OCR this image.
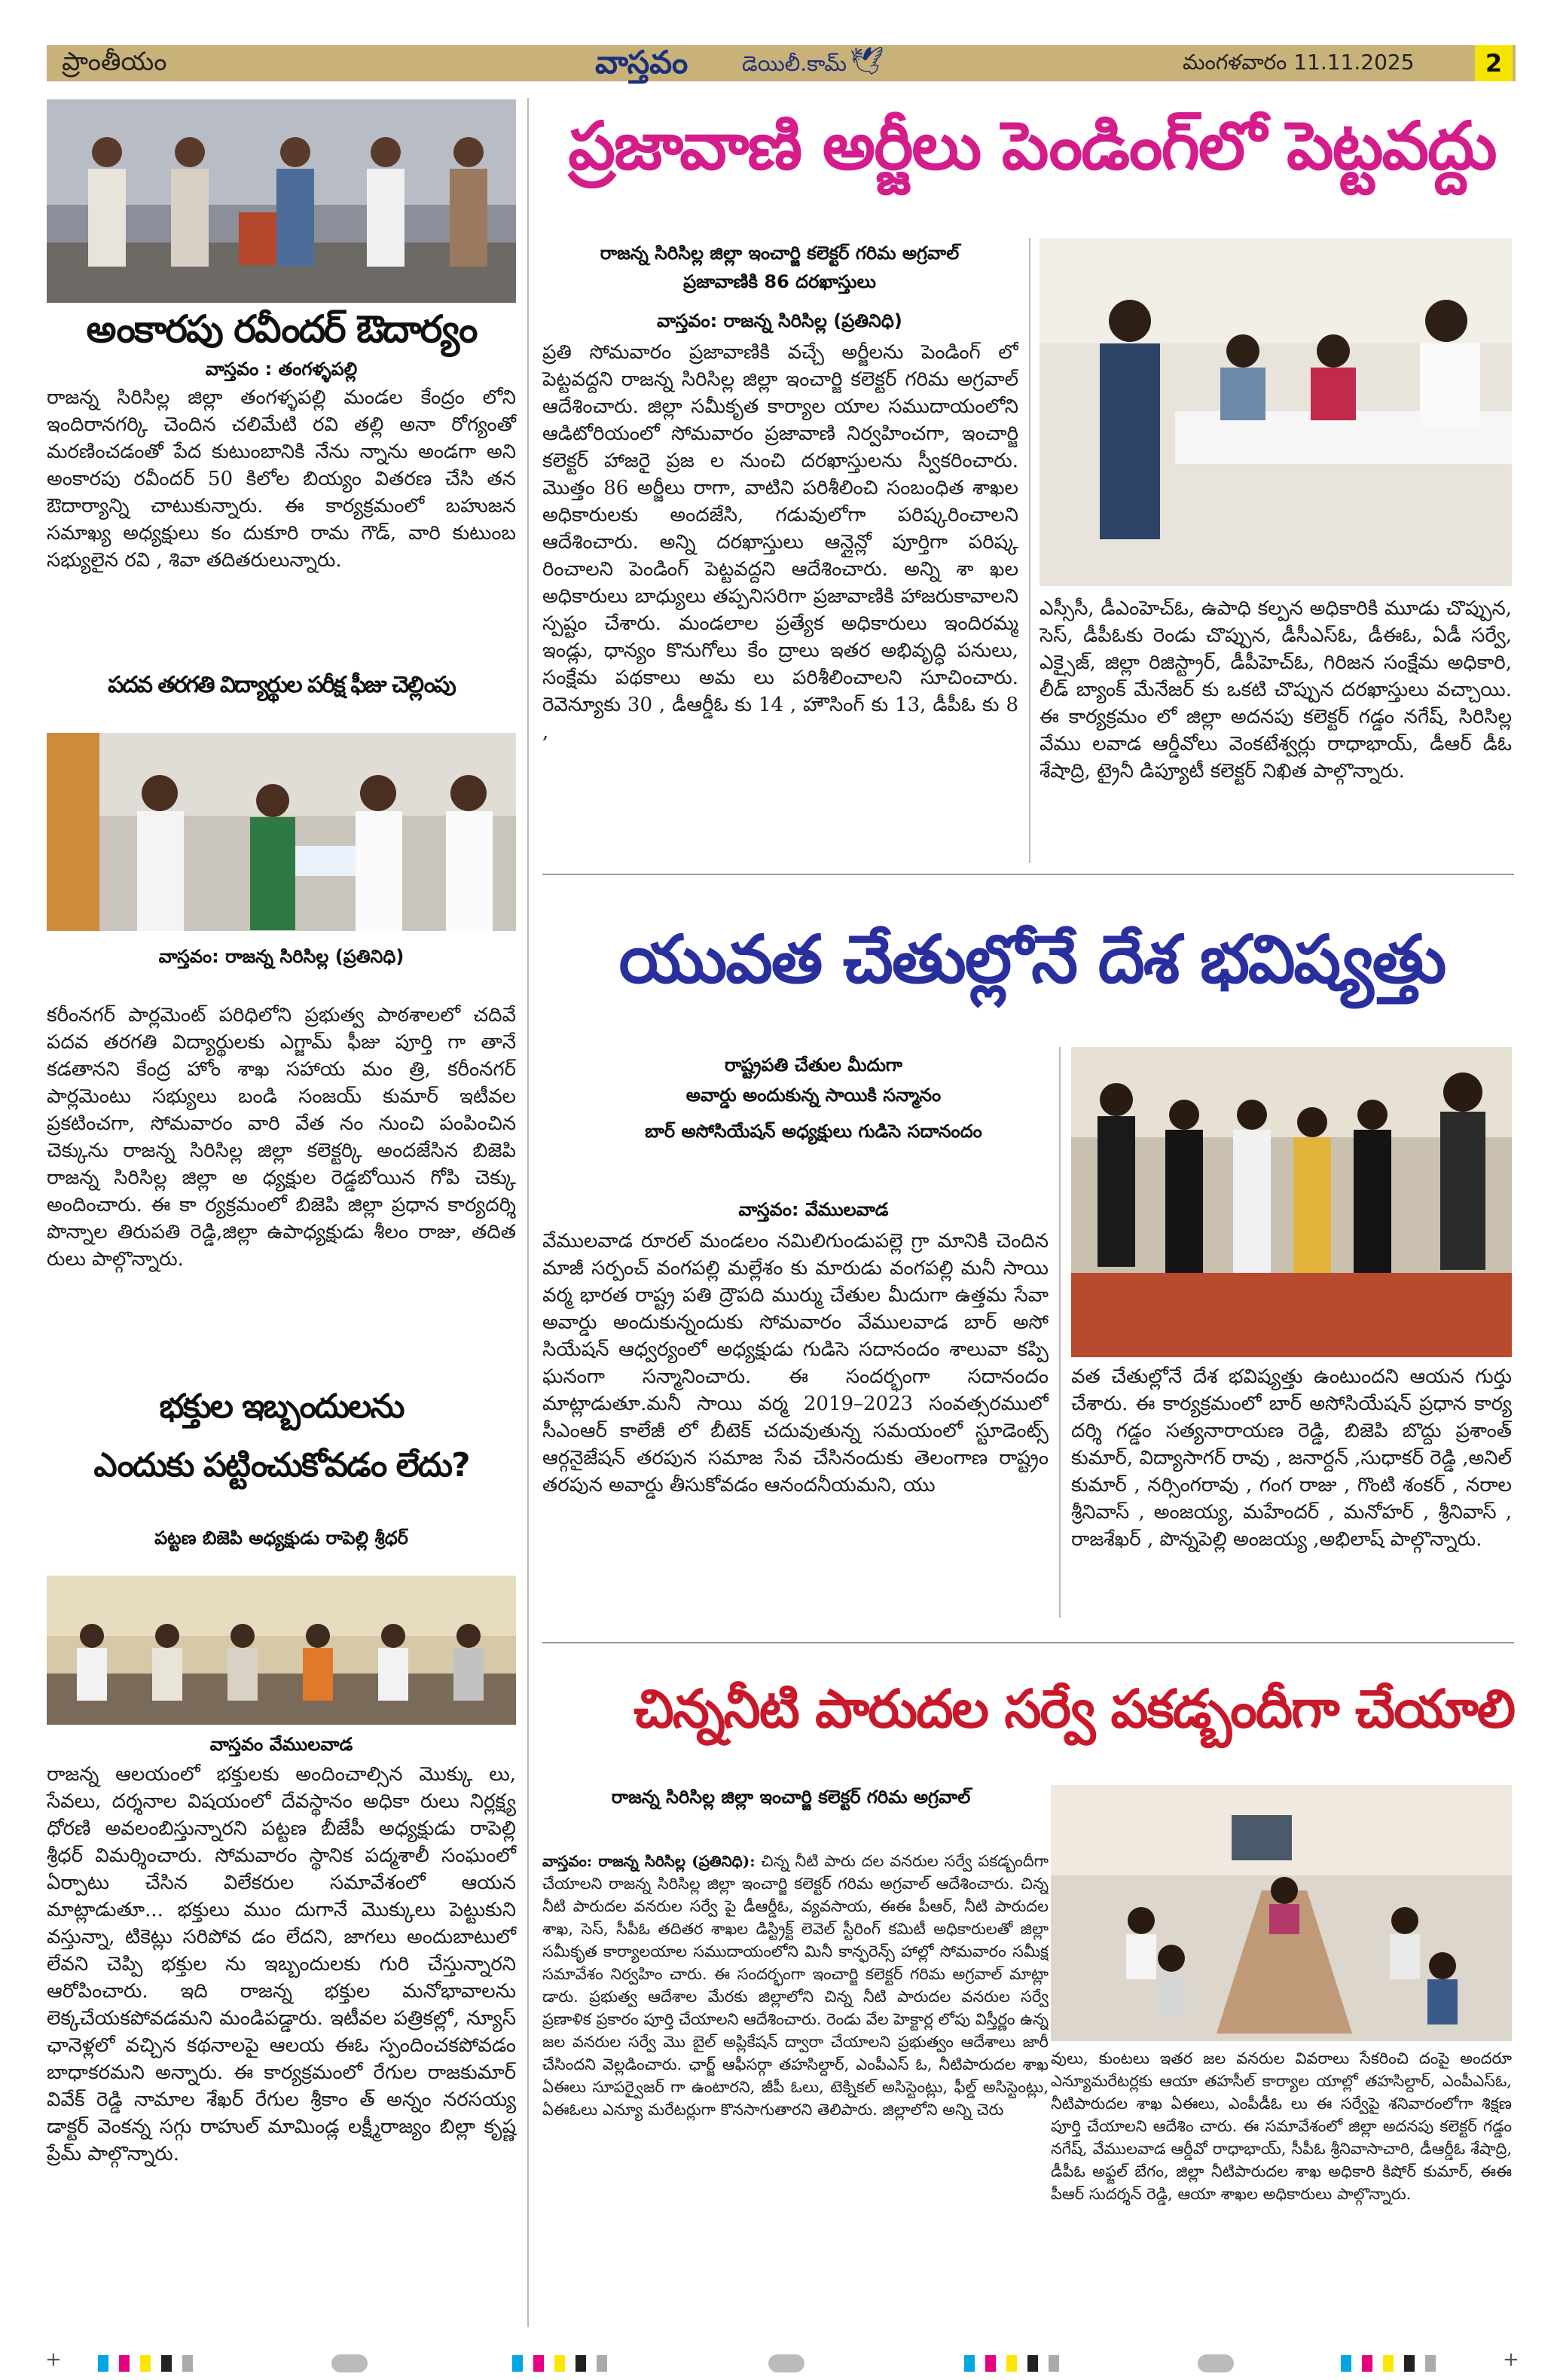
ప్రాంతీయం	వాస్తవం	డెయిలీ.కామ్ 🕊	మంగళవారం 11.11.2025	2
అంకారపు రవీందర్ ఔదార్యం
వాస్తవం : తంగళ్ళపల్లి
రాజన్న సిరిసిల్ల జిల్లా తంగళ్ళపల్లి మండల కేంద్రం లోని ఇందిరానగర్కి చెందిన చలిమేటి రవి తల్లి అనా రోగ్యంతో మరణించడంతో పేద కుటుంబానికి నేను న్నాను అండగా అని అంకారపు రవీందర్ 50 కిలోల బియ్యం వితరణ చేసి తన ఔదార్యాన్ని చాటుకున్నారు. ఈ కార్యక్రమంలో బహుజన సమాఖ్య అధ్యక్షులు కం దుకూరి రామ గౌడ్, వారి కుటుంబ సభ్యులైన రవి , శివా తదితరులున్నారు.
పదవ తరగతి విద్యార్థుల పరీక్ష ఫీజు చెల్లింపు
వాస్తవం: రాజన్న సిరిసిల్ల (ప్రతినిధి)
కరీంనగర్ పార్లమెంట్ పరిధిలోని ప్రభుత్వ పాఠశాలలో చదివే పదవ తరగతి విద్యార్థులకు ఎగ్జామ్ ఫీజు పూర్తి గా తానే కడతానని కేంద్ర హోం శాఖ సహాయ మం త్రి, కరీంనగర్ పార్లమెంటు సభ్యులు బండి సంజయ్ కుమార్ ఇటీవల ప్రకటించగా, సోమవారం వారి వేత నం నుంచి పంపించిన చెక్కును రాజన్న సిరిసిల్ల జిల్లా కలెక్టర్కి అందజేసిన బిజెపి రాజన్న సిరిసిల్ల జిల్లా అ ధ్యక్షుల రెడ్డబోయిన గోపి చెక్కు అందించారు. ఈ కా ర్యక్రమంలో బిజెపి జిల్లా ప్రధాన కార్యదర్శి పొన్నాల తిరుపతి రెడ్డి,జిల్లా ఉపాధ్యక్షుడు శీలం రాజు, తదిత రులు పాల్గొన్నారు.
భక్తుల ఇబ్బందులను
ఎందుకు పట్టించుకోవడం లేదు?
పట్టణ బిజెపి అధ్యక్షుడు రాపెల్లి శ్రీధర్
వాస్తవం వేములవాడ
రాజన్న ఆలయంలో భక్తులకు అందించాల్సిన మొక్కు లు, సేవలు, దర్శనాల విషయంలో దేవస్థానం అధికా రులు నిర్లక్ష్య ధోరణి అవలంబిస్తున్నారని పట్టణ బీజేపీ అధ్యక్షుడు రాపెల్లి శ్రీధర్ విమర్శించారు. సోమవారం స్థానిక పద్మశాలీ సంఘంలో ఏర్పాటు చేసిన విలేకరుల సమావేశంలో ఆయన మాట్లాడుతూ... భక్తులు ముం దుగానే మొక్కులు పెట్టుకుని వస్తున్నా, టికెట్లు సరిపోవ డం లేదని, జాగలు అందుబాటులో లేవని చెప్పి భక్తుల ను ఇబ్బందులకు గురి చేస్తున్నారని ఆరోపించారు. ఇది రాజన్న భక్తుల మనోభావాలను లెక్కచేయకపోవడమని మండిపడ్డారు. ఇటీవల పత్రికల్లో, న్యూస్ ఛానెళ్లలో వచ్చిన కథనాలపై ఆలయ ఈఓ స్పందించకపోవడం బాధాకరమని అన్నారు. ఈ కార్యక్రమంలో రేగుల రాజకుమార్ వివేక్ రెడ్డి నామాల శేఖర్ రేగుల శ్రీకాం త్ అన్నం నరసయ్య డాక్టర్ వెంకన్న సగ్గు రాహుల్ మామిండ్ల లక్ష్మీరాజ్యం బిల్లా కృష్ణ ప్రేమ్ పాల్గొన్నారు.
ప్రజావాణి అర్జీలు పెండింగ్‌లో పెట్టవద్దు
రాజన్న సిరిసిల్ల జిల్లా ఇంచార్జి కలెక్టర్ గరిమ అగ్రవాల్
ప్రజావాణికి 86 దరఖాస్తులు
వాస్తవం: రాజన్న సిరిసిల్ల (ప్రతినిధి)
ప్రతి సోమవారం ప్రజావాణికి వచ్చే అర్జీలను పెండింగ్ లో పెట్టవద్దని రాజన్న సిరిసిల్ల జిల్లా ఇంచార్జి కలెక్టర్ గరిమ అగ్రవాల్ ఆదేశించారు. జిల్లా సమీకృత కార్యాల యాల సముదాయంలోని ఆడిటోరియంలో సోమవారం ప్రజావాణి నిర్వహించగా, ఇంచార్జి కలెక్టర్ హాజరై ప్రజ ల నుంచి దరఖాస్తులను స్వీకరించారు. మొత్తం 86 అర్జీలు రాగా, వాటిని పరిశీలించి సంబంధిత శాఖల అధికారులకు అందజేసి, గడువులోగా పరిష్కరించాలని ఆదేశించారు. అన్ని దరఖాస్తులు ఆన్లైన్లో పూర్తిగా పరిష్క రించాలని పెండింగ్ పెట్టవద్దని ఆదేశించారు. అన్ని శా ఖల అధికారులు బాధ్యులు తప్పనిసరిగా ప్రజావాణికి హాజరుకావాలని స్పష్టం చేశారు. మండలాల ప్రత్యేక అధికారులు ఇందిరమ్మ ఇండ్లు, ధాన్యం కొనుగోలు కేం ద్రాలు ఇతర అభివృద్ధి పనులు, సంక్షేమ పథకాలు అమ లు పరిశీలించాలని సూచించారు. రెవెన్యూకు 30 , డీఆర్డీఓ కు 14 , హౌసింగ్ కు 13, డీపీఓ కు 8 ,
ఎస్సీసీ, డీఎంహెచ్ఓ, ఉపాధి కల్పన అధికారికి మూడు చొప్పున, సెస్, డీపీఓకు రెండు చొప్పున, డీసీఎస్ఓ, డీఈఓ, ఏడీ సర్వే, ఎక్సైజ్, జిల్లా రిజిస్ట్రార్, డీపీహెచ్ఓ, గిరిజన సంక్షేమ అధికారి, లీడ్ బ్యాంక్ మేనేజర్ కు ఒకటి చొప్పున దరఖాస్తులు వచ్చాయి. ఈ కార్యక్రమం లో జిల్లా అదనపు కలెక్టర్ గడ్డం నగేష్, సిరిసిల్ల వేము లవాడ ఆర్డీవోలు వెంకటేశ్వర్లు రాధాభాయ్, డీఆర్ డీఓ శేషాద్రి, ట్రైనీ డిప్యూటీ కలెక్టర్ నిఖిత పాల్గొన్నారు.
యువత చేతుల్లోనే దేశ భవిష్యత్తు
రాష్ట్రపతి చేతుల మీదుగా
అవార్డు అందుకున్న సాయికి సన్మానం
బార్ అసోసియేషన్ అధ్యక్షులు గుడిసె సదానందం
వాస్తవం: వేములవాడ
వేములవాడ రూరల్ మండలం నమిలిగుండుపల్లె గ్రా మానికి చెందిన మాజీ సర్పంచ్ వంగపల్లి మల్లేశం కు మారుడు వంగపల్లి మనీ సాయి వర్మ భారత రాష్ట్ర పతి ద్రౌపది ముర్ము చేతుల మీదుగా ఉత్తమ సేవా అవార్డు అందుకున్నందుకు సోమవారం వేములవాడ బార్ అసో సియేషన్ ఆధ్వర్యంలో అధ్యక్షుడు గుడిసె సదానందం శాలువా కప్పి ఘనంగా సన్మానించారు. ఈ సందర్భంగా సదానందం మాట్లాడుతూ.మనీ సాయి వర్మ 2019–2023 సంవత్సరములో సీఎంఆర్ కాలేజీ లో బీటెక్ చదువుతున్న సమయంలో స్టూడెంట్స్ ఆర్గనైజేషన్ తరపున సమాజ సేవ చేసినందుకు తెలంగాణ రాష్ట్రం తరపున అవార్డు తీసుకోవడం ఆనందనీయమని, యు
వత చేతుల్లోనే దేశ భవిష్యత్తు ఉంటుందని ఆయన గుర్తు చేశారు. ఈ కార్యక్రమంలో బార్ అసోసియేషన్ ప్రధాన కార్య దర్శి గడ్డం సత్యనారాయణ రెడ్డి, బిజెపి బొద్దు ప్రశాంత్ కుమార్, విద్యాసాగర్ రావు , జనార్దన్ ,సుధాకర్ రెడ్డి ,అనిల్ కుమార్ , నర్సింగరావు , గంగ రాజు , గొంటి శంకర్ , నరాల శ్రీనివాస్ , అంజయ్య, మహేందర్ , మనోహర్ , శ్రీనివాస్ , రాజశేఖర్ , పొన్నపెల్లి అంజయ్య ,అభిలాష్ పాల్గొన్నారు.
చిన్ననీటి పారుదల సర్వే పకడ్బందీగా చేయాలి
రాజన్న సిరిసిల్ల జిల్లా ఇంచార్జి కలెక్టర్ గరిమ అగ్రవాల్
వాస్తవం: రాజన్న సిరిసిల్ల (ప్రతినిధి): చిన్న నీటి పారు దల వనరుల సర్వే పకడ్బందీగా చేయాలని రాజన్న సిరిసిల్ల జిల్లా ఇంచార్జి కలెక్టర్ గరిమ అగ్రవాల్ ఆదేశించారు. చిన్న నీటి పారుదల వనరుల సర్వే పై డీఆర్డీఓ, వ్యవసాయ, ఈఈ పీఆర్, నీటి పారుదల శాఖ, సెస్, సీపీఓ తదితర శాఖల డిస్ట్రిక్ట్ లెవెల్ స్టీరింగ్ కమిటీ అధికారులతో జిల్లా సమీకృత కార్యాలయాల సముదాయంలోని మినీ కాన్ఫరెన్స్ హాల్లో సోమవారం సమీక్ష సమావేశం నిర్వహిం చారు. ఈ సందర్భంగా ఇంచార్జి కలెక్టర్ గరిమ అగ్రవాల్ మాట్లా డారు. ప్రభుత్వ ఆదేశాల మేరకు జిల్లాలోని చిన్న నీటి పారుదల వనరుల సర్వే ప్రణాళిక ప్రకారం పూర్తి చేయాలని ఆదేశించారు. రెండు వేల హెక్టార్ల లోపు విస్తీర్ణం ఉన్న జల వనరుల సర్వే మొ బైల్ అప్లికేషన్ ద్వారా చేయాలని ప్రభుత్వం ఆదేశాలు జారీ చేసిందని వెల్లడించారు. ఛార్జ్ ఆఫీసర్గా తహసిల్దార్, ఎంపీఎస్ ఓ, నీటిపారుదల శాఖ ఏఈలు సూపర్వైజర్ గా ఉంటారని, జీపీ ఓలు, టెక్నికల్ అసిస్టెంట్లు, ఫీల్డ్ అసిస్టెంట్లు, ఏఈఓలు ఎన్యూ మరేటర్లుగా కొనసాగుతారని తెలిపారు. జిల్లాలోని అన్ని చెరు
వులు, కుంటలు ఇతర జల వనరుల వివరాలు సేకరించి దంపై అందరూ ఎన్యూమరేటర్లకు ఆయా తహసీల్ కార్యాల యాల్లో తహసిల్దార్, ఎంపీఎస్ఓ, నీటిపారుదల శాఖ ఏఈలు, ఎంపీడీఓ లు ఈ సర్వేపై శనివారంలోగా శిక్షణ పూర్తి చేయాలని ఆదేశిం చారు. ఈ సమావేశంలో జిల్లా అదనపు కలెక్టర్ గడ్డం నగేష్, వేములవాడ ఆర్డీవో రాధాభాయ్, సీపీఓ శ్రీనివాసాచారి, డీఆర్డీఓ శేషాద్రి, డీపీఓ అఫ్జల్ బేగం, జిల్లా నీటిపారుదల శాఖ అధికారి కిషోర్ కుమార్, ఈఈ పీఆర్ సుదర్శన్ రెడ్డి, ఆయా శాఖల అధికారులు పాల్గొన్నారు.
+	+
